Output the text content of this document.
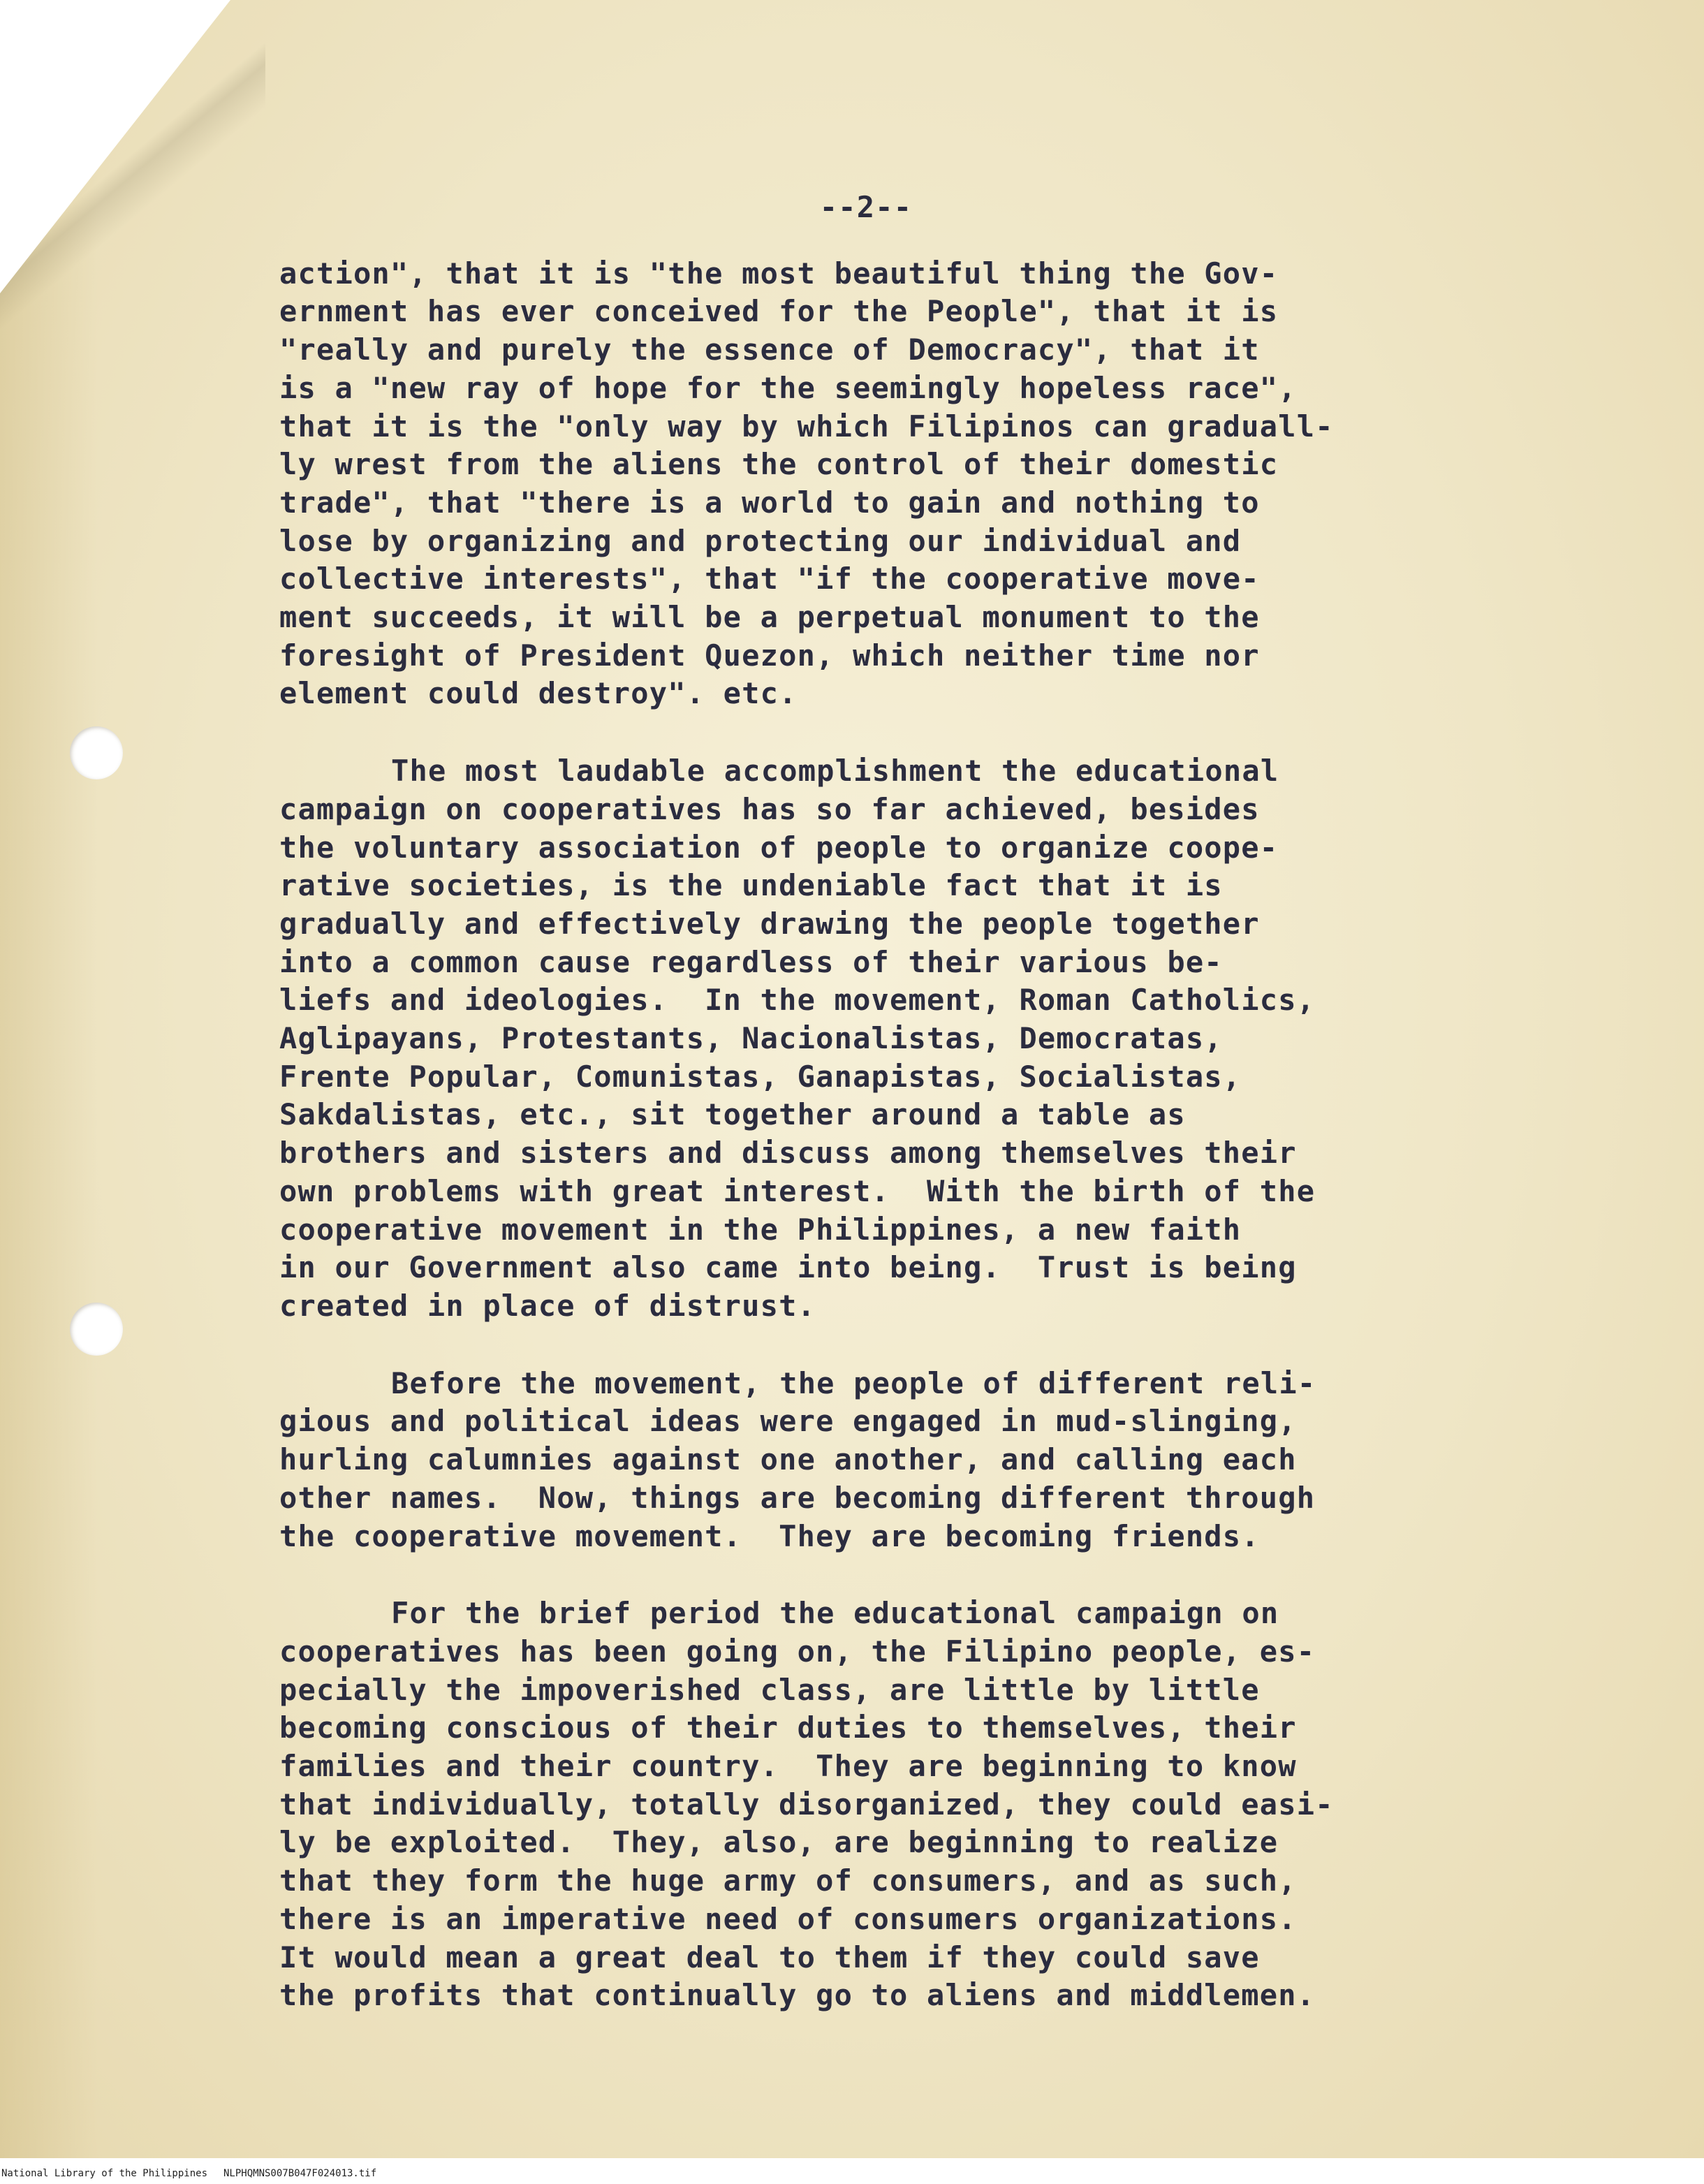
--2--
action", that it is "the most beautiful thing the Gov-
ernment has ever conceived for the People", that it is
"really and purely the essence of Democracy", that it
is a "new ray of hope for the seemingly hopeless race",
that it is the "only way by which Filipinos can graduall-
ly wrest from the aliens the control of their domestic
trade", that "there is a world to gain and nothing to
lose by organizing and protecting our individual and
collective interests", that "if the cooperative move-
ment succeeds, it will be a perpetual monument to the
foresight of President Quezon, which neither time nor
element could destroy". etc.
The most laudable accomplishment the educational
campaign on cooperatives has so far achieved, besides
the voluntary association of people to organize coope-
rative societies, is the undeniable fact that it is
gradually and effectively drawing the people together
into a common cause regardless of their various be-
liefs and ideologies.  In the movement, Roman Catholics,
Aglipayans, Protestants, Nacionalistas, Democratas,
Frente Popular, Comunistas, Ganapistas, Socialistas,
Sakdalistas, etc., sit together around a table as
brothers and sisters and discuss among themselves their
own problems with great interest.  With the birth of the
cooperative movement in the Philippines, a new faith
in our Government also came into being.  Trust is being
created in place of distrust.
Before the movement, the people of different reli-
gious and political ideas were engaged in mud-slinging,
hurling calumnies against one another, and calling each
other names.  Now, things are becoming different through
the cooperative movement.  They are becoming friends.
For the brief period the educational campaign on
cooperatives has been going on, the Filipino people, es-
pecially the impoverished class, are little by little
becoming conscious of their duties to themselves, their
families and their country.  They are beginning to know
that individually, totally disorganized, they could easi-
ly be exploited.  They, also, are beginning to realize
that they form the huge army of consumers, and as such,
there is an imperative need of consumers organizations.
It would mean a great deal to them if they could save
the profits that continually go to aliens and middlemen.
National Library of the Philippines NLPHQMNS007B047F024013.tif
